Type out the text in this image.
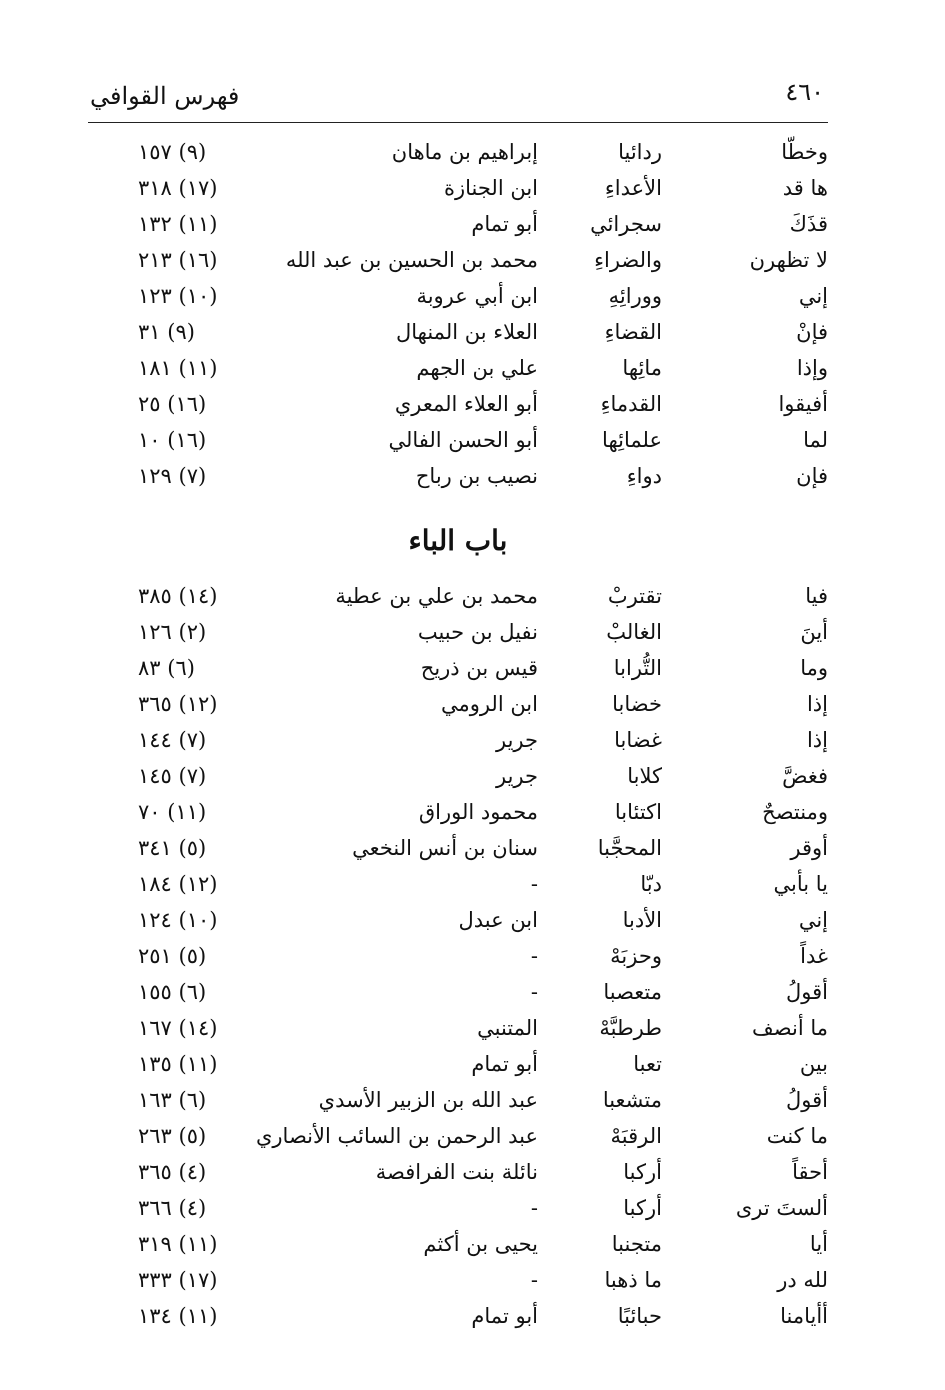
٤٦٠
فهرس القوافي
وخطّا
ردائيا
إبراهيم بن ماهان
(٩) ١٥٧
ها قد
الأعداءِ
ابن الجنازة
(١٧) ٣١٨
قذَكَ
سجرائي
أبو تمام
(١١) ١٣٢
لا تظهرن
والضراءِ
محمد بن الحسين بن عبد الله
(١٦) ٢١٣
إني
وورائِهِ
ابن أبي عروبة
(١٠) ١٢٣
فإنْ
القضاءِ
العلاء بن المنهال
(٩) ٣١
وإذا
مائِها
علي بن الجهم
(١١) ١٨١
أفيقوا
القدماءِ
أبو العلاء المعري
(١٦) ٢٥
لما
علمائِها
أبو الحسن الفالي
(١٦) ١٠
فإن
دواءِ
نصيب بن رباح
(٧) ١٢٩
باب الباء
فيا
تقتربْ
محمد بن علي بن عطية
(١٤) ٣٨٥
أينَ
الغالبْ
نفيل بن حبيب
(٢) ١٢٦
وما
التُّرابا
قيس بن ذريح
(٦) ٨٣
إذا
خضابا
ابن الرومي
(١٢) ٣٦٥
إذا
غضابا
جرير
(٧) ١٤٤
فغضَّ
كلابا
جرير
(٧) ١٤٥
ومنتصحٌ
اكتئابا
محمود الوراق
(١١) ٧٠
أوقر
المحجَّبا
سنان بن أنس النخعي
(٥) ٣٤١
يا بأبي
دبّا
-
(١٢) ١٨٤
إني
الأدبا
ابن عبدل
(١٠) ١٢٤
غداً
وحزبَهْ
-
(٥) ٢٥١
أقولُ
متعصبا
-
(٦) ١٥٥
ما أنصف
طرطبَّهْ
المتنبي
(١٤) ١٦٧
بين
تعبا
أبو تمام
(١١) ١٣٥
أقولُ
متشعبا
عبد الله بن الزبير الأسدي
(٦) ١٦٣
ما كنت
الرقبَهْ
عبد الرحمن بن السائب الأنصاري
(٥) ٢٦٣
أحقاً
أركبا
نائلة بنت الفرافصة
(٤) ٣٦٥
ألستَ ترى
أركبا
-
(٤) ٣٦٦
أيا
متجنبا
يحيى بن أكثم
(١١) ٣١٩
لله در
ما ذهبا
-
(١٧) ٣٣٣
أأيامنا
حبائبًا
أبو تمام
(١١) ١٣٤
